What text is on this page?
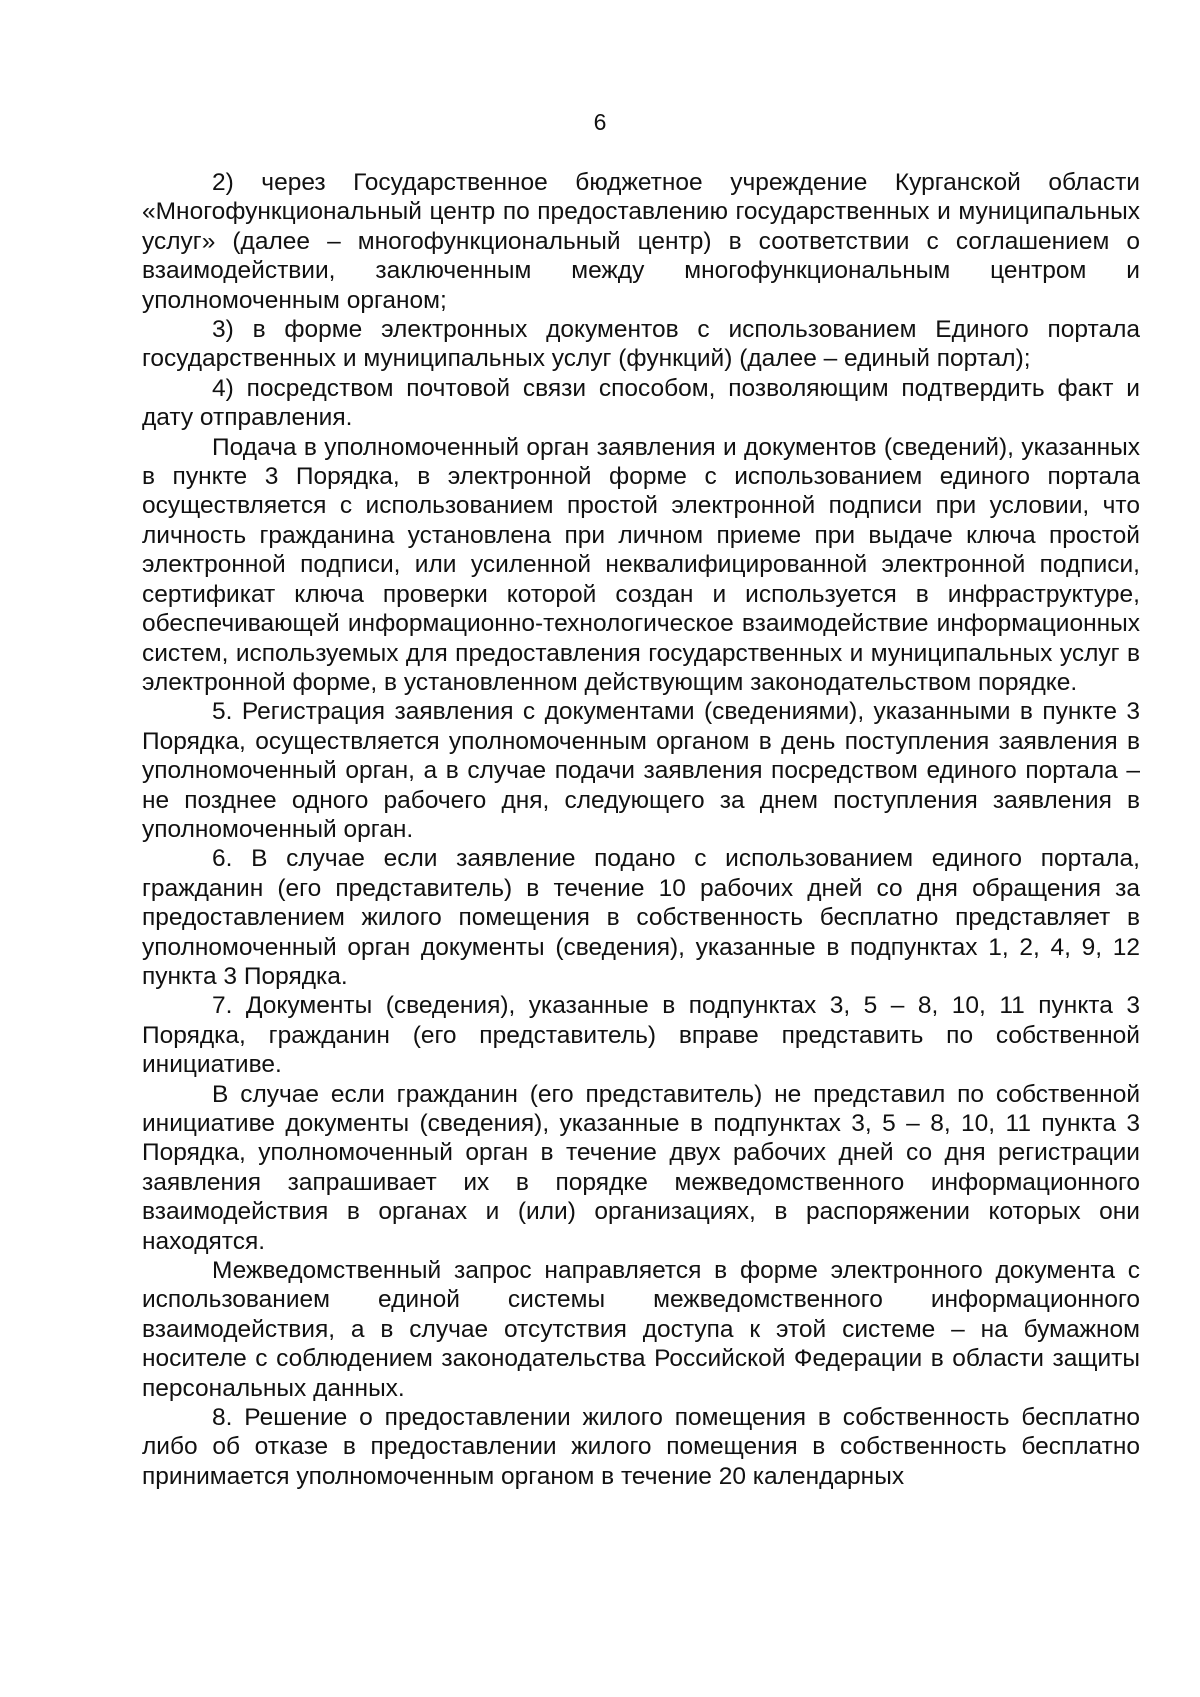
6

2) через Государственное бюджетное учреждение Курганской области «Многофункциональный центр по предоставлению государственных и муниципальных услуг» (далее – многофункциональный центр) в соответствии с соглашением о взаимодействии, заключенным между многофункциональным центром и уполномоченным органом;

3) в форме электронных документов с использованием Единого портала государственных и муниципальных услуг (функций) (далее – единый портал);

4) посредством почтовой связи способом, позволяющим подтвердить факт и дату отправления.

Подача в уполномоченный орган заявления и документов (сведений), указанных в пункте 3 Порядка, в электронной форме с использованием единого портала осуществляется с использованием простой электронной подписи при условии, что личность гражданина установлена при личном приеме при выдаче ключа простой электронной подписи, или усиленной неквалифицированной электронной подписи, сертификат ключа проверки которой создан и используется в инфраструктуре, обеспечивающей информационно-технологическое взаимодействие информационных систем, используемых для предоставления государственных и муниципальных услуг в электронной форме, в установленном действующим законодательством порядке.

5. Регистрация заявления с документами (сведениями), указанными в пункте 3 Порядка, осуществляется уполномоченным органом в день поступления заявления в уполномоченный орган, а в случае подачи заявления посредством единого портала – не позднее одного рабочего дня, следующего за днем поступления заявления в уполномоченный орган.

6. В случае если заявление подано с использованием единого портала, гражданин (его представитель) в течение 10 рабочих дней со дня обращения за предоставлением жилого помещения в собственность бесплатно представляет в уполномоченный орган документы (сведения), указанные в подпунктах 1, 2, 4, 9, 12 пункта 3 Порядка.

7. Документы (сведения), указанные в подпунктах 3, 5 – 8, 10, 11 пункта 3 Порядка, гражданин (его представитель) вправе представить по собственной инициативе.

В случае если гражданин (его представитель) не представил по собственной инициативе документы (сведения), указанные в подпунктах 3, 5 – 8, 10, 11 пункта 3 Порядка, уполномоченный орган в течение двух рабочих дней со дня регистрации заявления запрашивает их в порядке межведомственного информационного взаимодействия в органах и (или) организациях, в распоряжении которых они находятся.

Межведомственный запрос направляется в форме электронного документа с использованием единой системы межведомственного информационного взаимодействия, а в случае отсутствия доступа к этой системе – на бумажном носителе с соблюдением законодательства Российской Федерации в области защиты персональных данных.

8. Решение о предоставлении жилого помещения в собственность бесплатно либо об отказе в предоставлении жилого помещения в собственность бесплатно принимается уполномоченным органом в течение 20 календарных
